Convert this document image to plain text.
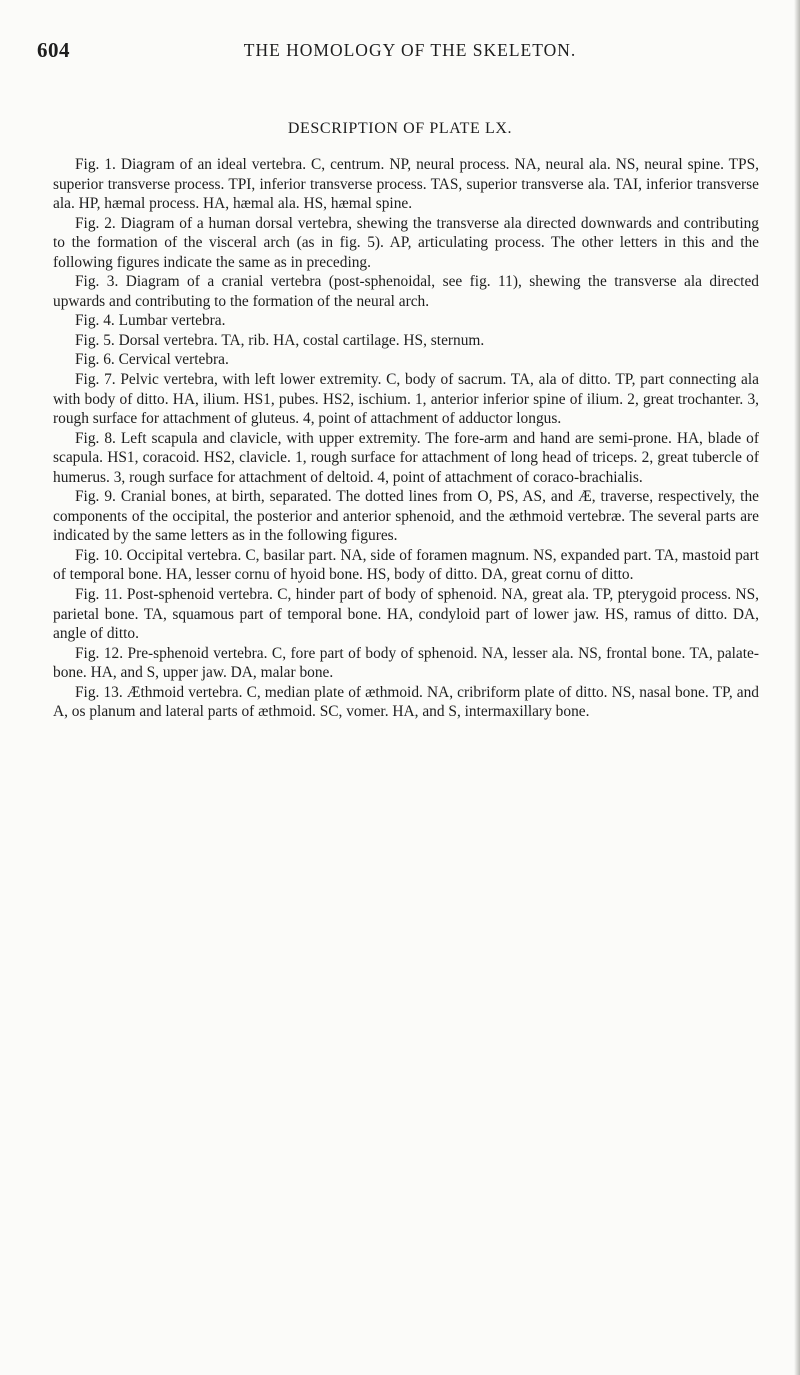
604	THE HOMOLOGY OF THE SKELETON.
DESCRIPTION OF PLATE LX.

Fig. 1. Diagram of an ideal vertebra. C, centrum. NP, neural process. NA, neural ala. NS, neural spine. TPS, superior transverse process. TPI, inferior transverse process. TAS, superior transverse ala. TAI, inferior transverse ala. HP, hæmal process. HA, hæmal ala. HS, hæmal spine.

Fig. 2. Diagram of a human dorsal vertebra, shewing the transverse ala directed downwards and contributing to the formation of the visceral arch (as in fig. 5). AP, articulating process. The other letters in this and the following figures indicate the same as in preceding.

Fig. 3. Diagram of a cranial vertebra (post-sphenoidal, see fig. 11), shewing the transverse ala directed upwards and contributing to the formation of the neural arch.

Fig. 4. Lumbar vertebra.

Fig. 5. Dorsal vertebra. TA, rib. HA, costal cartilage. HS, sternum.

Fig. 6. Cervical vertebra.

Fig. 7. Pelvic vertebra, with left lower extremity. C, body of sacrum. TA, ala of ditto. TP, part connecting ala with body of ditto. HA, ilium. HS1, pubes. HS2, ischium. 1, anterior inferior spine of ilium. 2, great trochanter. 3, rough surface for attachment of gluteus. 4, point of attachment of adductor longus.

Fig. 8. Left scapula and clavicle, with upper extremity. The fore-arm and hand are semi-prone. HA, blade of scapula. HS1, coracoid. HS2, clavicle. 1, rough surface for attachment of long head of triceps. 2, great tubercle of humerus. 3, rough surface for attachment of deltoid. 4, point of attachment of coraco-brachialis.

Fig. 9. Cranial bones, at birth, separated. The dotted lines from O, PS, AS, and Æ, traverse, respectively, the components of the occipital, the posterior and anterior sphenoid, and the æthmoid vertebræ. The several parts are indicated by the same letters as in the following figures.

Fig. 10. Occipital vertebra. C, basilar part. NA, side of foramen magnum. NS, expanded part. TA, mastoid part of temporal bone. HA, lesser cornu of hyoid bone. HS, body of ditto. DA, great cornu of ditto.

Fig. 11. Post-sphenoid vertebra. C, hinder part of body of sphenoid. NA, great ala. TP, pterygoid process. NS, parietal bone. TA, squamous part of temporal bone. HA, condyloid part of lower jaw. HS, ramus of ditto. DA, angle of ditto.

Fig. 12. Pre-sphenoid vertebra. C, fore part of body of sphenoid. NA, lesser ala. NS, frontal bone. TA, palate-bone. HA, and S, upper jaw. DA, malar bone.

Fig. 13. Æthmoid vertebra. C, median plate of æthmoid. NA, cribriform plate of ditto. NS, nasal bone. TP, and A, os planum and lateral parts of æthmoid. SC, vomer. HA, and S, intermaxillary bone.
